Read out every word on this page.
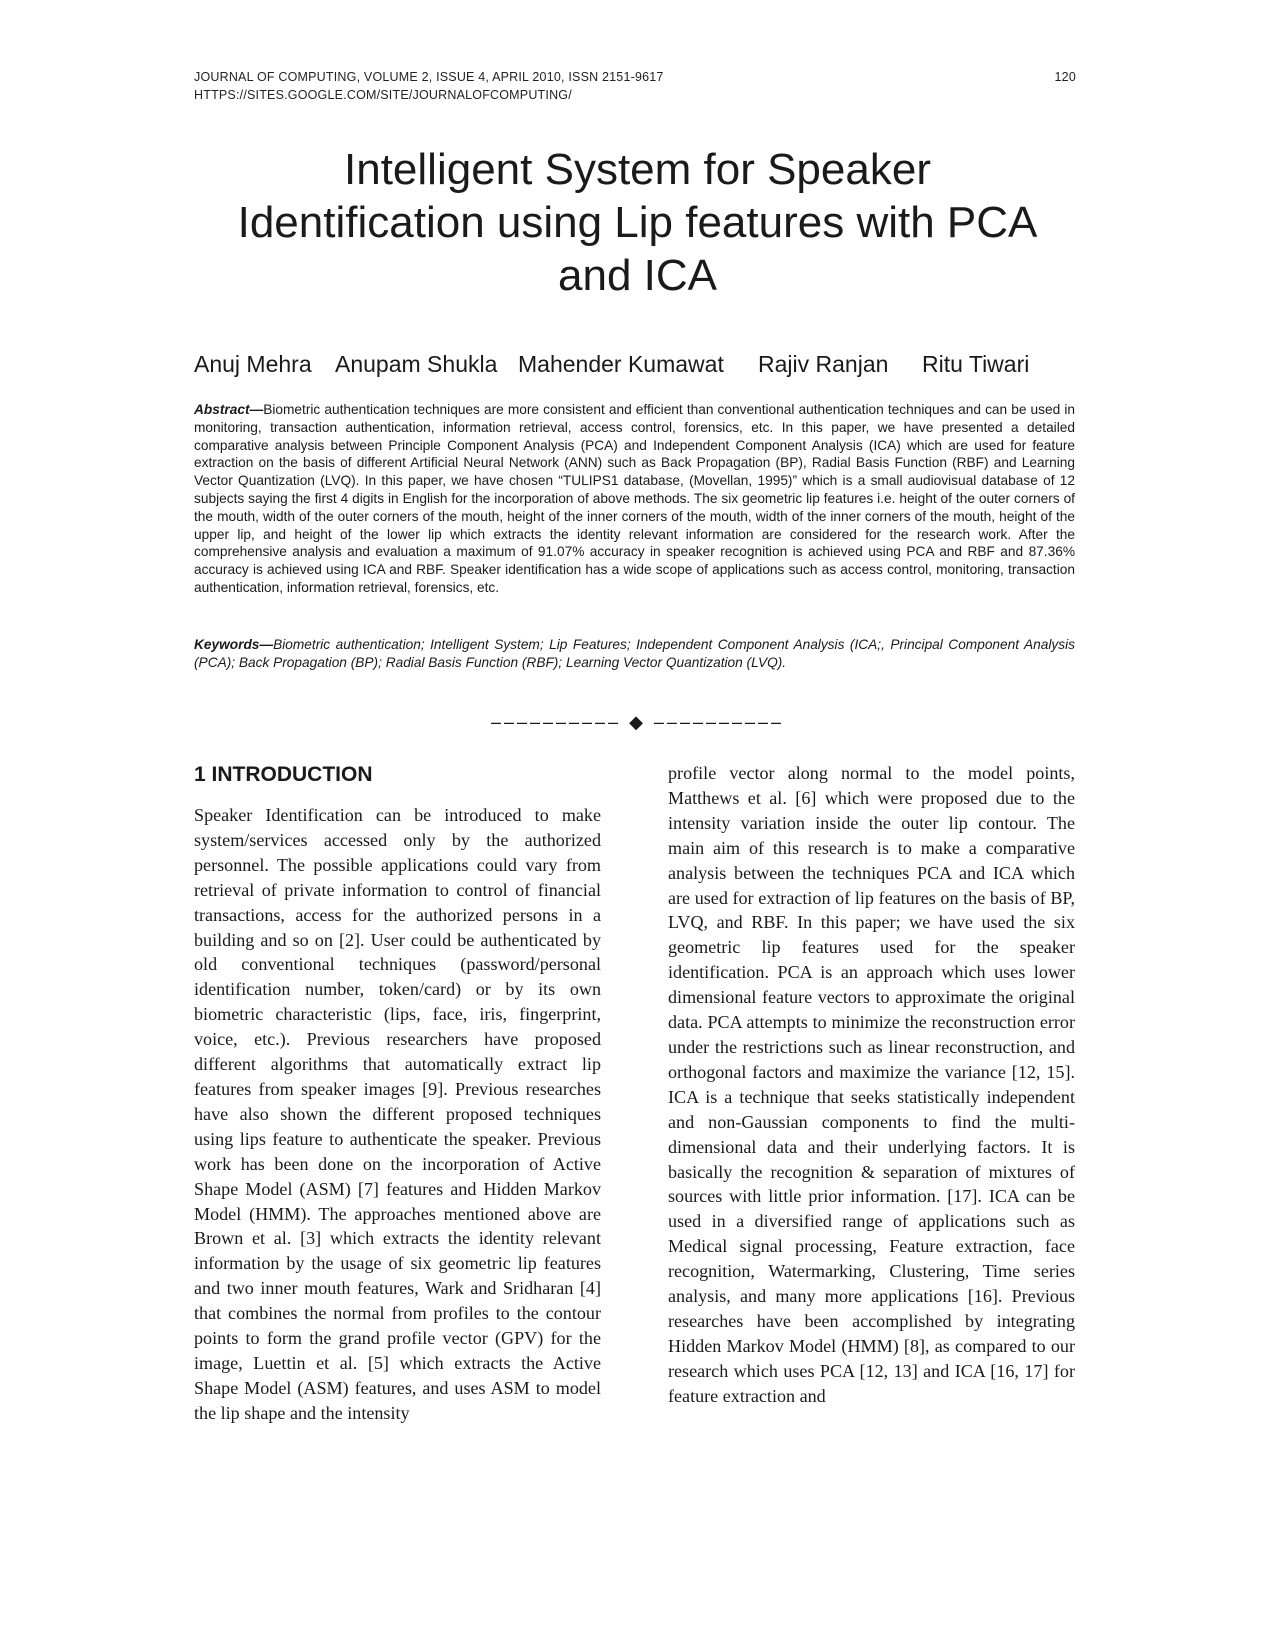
JOURNAL OF COMPUTING, VOLUME 2, ISSUE 4, APRIL 2010, ISSN 2151-9617
HTTPS://SITES.GOOGLE.COM/SITE/JOURNALOFCOMPUTING/
120
Intelligent System for Speaker
Identification using Lip features with PCA
and ICA
Anuj Mehra Anupam Shukla Mahender Kumawat Rajiv Ranjan Ritu Tiwari
Abstract—Biometric authentication techniques are more consistent and efficient than conventional authentication techniques and can be used in monitoring, transaction authentication, information retrieval, access control, forensics, etc. In this paper, we have presented a detailed comparative analysis between Principle Component Analysis (PCA) and Independent Component Analysis (ICA) which are used for feature extraction on the basis of different Artificial Neural Network (ANN) such as Back Propagation (BP), Radial Basis Function (RBF) and Learning Vector Quantization (LVQ). In this paper, we have chosen “TULIPS1 database, (Movellan, 1995)” which is a small audiovisual database of 12 subjects saying the first 4 digits in English for the incorporation of above methods. The six geometric lip features i.e. height of the outer corners of the mouth, width of the outer corners of the mouth, height of the inner corners of the mouth, width of the inner corners of the mouth, height of the upper lip, and height of the lower lip which extracts the identity relevant information are considered for the research work. After the comprehensive analysis and evaluation a maximum of 91.07% accuracy in speaker recognition is achieved using PCA and RBF and 87.36% accuracy is achieved using ICA and RBF. Speaker identification has a wide scope of applications such as access control, monitoring, transaction authentication, information retrieval, forensics, etc.
Keywords—Biometric authentication; Intelligent System; Lip Features; Independent Component Analysis (ICA;, Principal Component Analysis (PCA); Back Propagation (BP); Radial Basis Function (RBF); Learning Vector Quantization (LVQ).
–––––––––– ◆ ––––––––––
1 INTRODUCTION
Speaker Identification can be introduced to make system/services accessed only by the authorized personnel. The possible applications could vary from retrieval of private information to control of financial transactions, access for the authorized persons in a building and so on [2]. User could be authenticated by old conventional techniques (password/personal identification number, token/card) or by its own biometric characteristic (lips, face, iris, fingerprint, voice, etc.). Previous researchers have proposed different algorithms that automatically extract lip features from speaker images [9]. Previous researches have also shown the different proposed techniques using lips feature to authenticate the speaker. Previous work has been done on the incorporation of Active Shape Model (ASM) [7] features and Hidden Markov Model (HMM). The approaches mentioned above are Brown et al. [3] which extracts the identity relevant information by the usage of six geometric lip features and two inner mouth features, Wark and Sridharan [4] that combines the normal from profiles to the contour points to form the grand profile vector (GPV) for the image, Luettin et al. [5] which extracts the Active Shape Model (ASM) features, and uses ASM to model the lip shape and the intensity
profile vector along normal to the model points, Matthews et al. [6] which were proposed due to the intensity variation inside the outer lip contour. The main aim of this research is to make a comparative analysis between the techniques PCA and ICA which are used for extraction of lip features on the basis of BP, LVQ, and RBF. In this paper; we have used the six geometric lip features used for the speaker identification. PCA is an approach which uses lower dimensional feature vectors to approximate the original data. PCA attempts to minimize the reconstruction error under the restrictions such as linear reconstruction, and orthogonal factors and maximize the variance [12, 15]. ICA is a technique that seeks statistically independent and non-Gaussian components to find the multi-dimensional data and their underlying factors. It is basically the recognition & separation of mixtures of sources with little prior information. [17]. ICA can be used in a diversified range of applications such as Medical signal processing, Feature extraction, face recognition, Watermarking, Clustering, Time series analysis, and many more applications [16]. Previous researches have been accomplished by integrating Hidden Markov Model (HMM) [8], as compared to our research which uses PCA [12, 13] and ICA [16, 17] for feature extraction and
